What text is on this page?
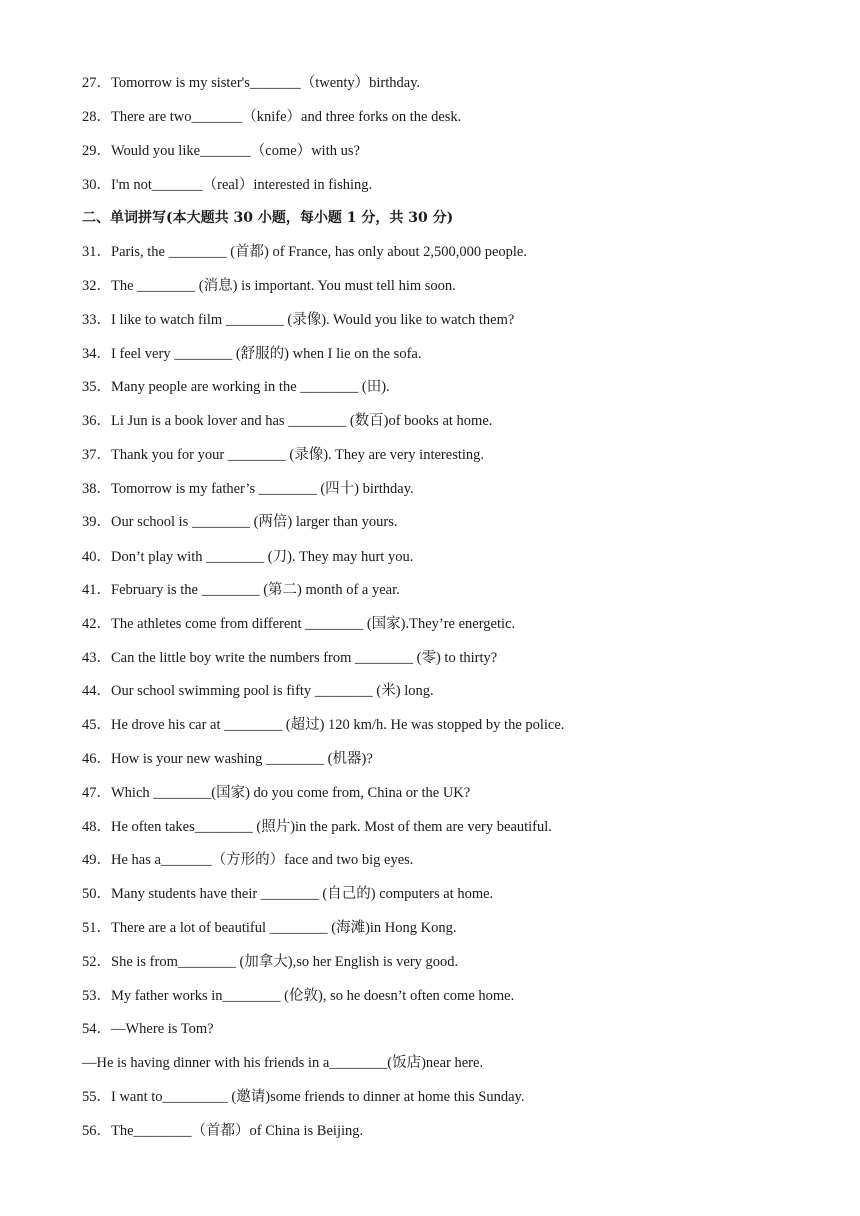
27．Tomorrow is my sister's_______（twenty）birthday.
28．There are two_______（knife）and three forks on the desk.
29．Would you like_______（come）with us?
30．I'm not_______（real）interested in fishing.
二、单词拼写(本大题共 30 小题，每小题 1 分，共 30 分)
31．Paris, the ________ (首都) of France, has only about 2,500,000 people.
32．The ________ (消息) is important. You must tell him soon.
33．I like to watch film ________ (录像). Would you like to watch them?
34．I feel very ________ (舒服的) when I lie on the sofa.
35．Many people are working in the ________ (田).
36．Li Jun is a book lover and has ________ (数百)of books at home.
37．Thank you for your ________ (录像). They are very interesting.
38．Tomorrow is my father’s ________ (四十) birthday.
39．Our school is ________ (两倍) larger than yours.
40．Don’t play with ________ (刀). They may hurt you.
41．February is the ________ (第二) month of a year.
42．The athletes come from different ________ (国家).They’re energetic.
43．Can the little boy write the numbers from ________ (零) to thirty?
44．Our school swimming pool is fifty ________ (米) long.
45．He drove his car at ________ (超过) 120 km/h. He was stopped by the police.
46．How is your new washing ________ (机器)?
47．Which ________(国家) do you come from, China or the UK?
48．He often takes________ (照片)in the park. Most of them are very beautiful.
49．He has a_______（方形的）face and two big eyes.
50．Many students have their ________ (自己的) computers at home.
51．There are a lot of beautiful ________ (海滩)in Hong Kong.
52．She is from________ (加拿大),so her English is very good.
53．My father works in________ (伦敦), so he doesn’t often come home.
54．—Where is Tom?
—He is having dinner with his friends in a________(饭店)near here.
55．I want to_________ (邀请)some friends to dinner at home this Sunday.
56．The________（首都）of China is Beijing.
